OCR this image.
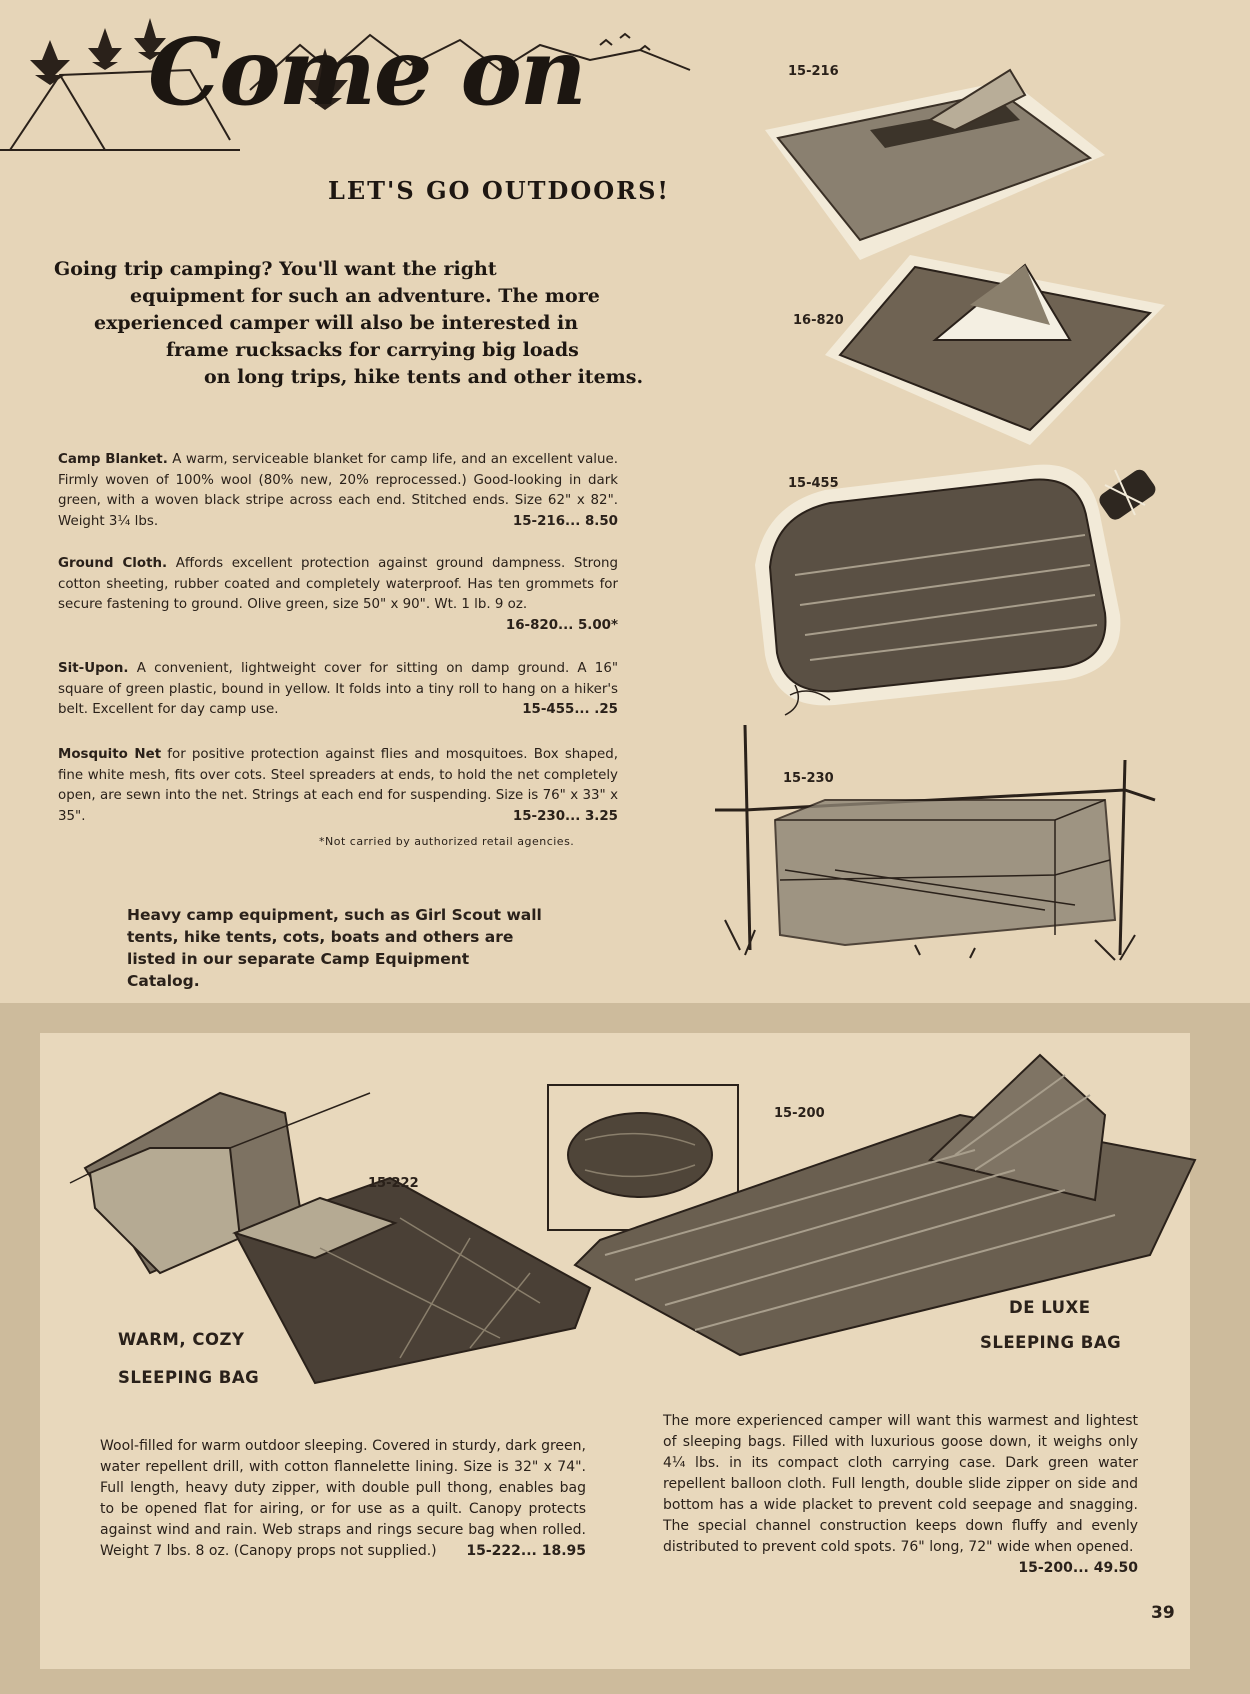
Come on
LET'S GO OUTDOORS!
Going trip camping? You'll want the right
equipment for such an adventure. The more
experienced camper will also be interested in
frame rucksacks for carrying big loads
on long trips, hike tents and other items.
Camp Blanket. A warm, serviceable blanket for camp life, and an excellent value. Firmly woven of 100% wool (80% new, 20% reprocessed.) Good-looking in dark green, with a woven black stripe across each end. Stitched ends. Size 62" x 82". Weight 3¼ lbs.	15-216... 8.50
Ground Cloth. Affords excellent protection against ground dampness. Strong cotton sheeting, rubber coated and completely waterproof. Has ten grommets for secure fastening to ground. Olive green, size 50" x 90". Wt. 1 lb. 9 oz.
16-820... 5.00*
Sit-Upon. A convenient, lightweight cover for sitting on damp ground. A 16" square of green plastic, bound in yellow. It folds into a tiny roll to hang on a hiker's belt. Excellent for day camp use.	15-455... .25
Mosquito Net for positive protection against flies and mosquitoes. Box shaped, fine white mesh, fits over cots. Steel spreaders at ends, to hold the net completely open, are sewn into the net. Strings at each end for suspending. Size is 76" x 33" x 35".	15-230... 3.25
*Not carried by authorized retail agencies.
Heavy camp equipment, such as Girl Scout wall tents, hike tents, cots, boats and others are listed in our separate Camp Equipment Catalog.
15-216
16-820
15-455
15-230
15-222
WARM, COZY
SLEEPING BAG
15-200
DE LUXE
SLEEPING BAG
Wool-filled for warm outdoor sleeping. Covered in sturdy, dark green, water repellent drill, with cotton flannelette lining. Size is 32" x 74". Full length, heavy duty zipper, with double pull thong, enables bag to be opened flat for airing, or for use as a quilt. Canopy protects against wind and rain. Web straps and rings secure bag when rolled. Weight 7 lbs. 8 oz. (Canopy props not supplied.) 15-222... 18.95
The more experienced camper will want this warmest and lightest of sleeping bags. Filled with luxurious goose down, it weighs only 4¼ lbs. in its compact cloth carrying case. Dark green water repellent balloon cloth. Full length, double slide zipper on side and bottom has a wide placket to prevent cold seepage and snagging. The special channel construction keeps down fluffy and evenly distributed to prevent cold spots. 76" long, 72" wide when opened.
15-200... 49.50
39
